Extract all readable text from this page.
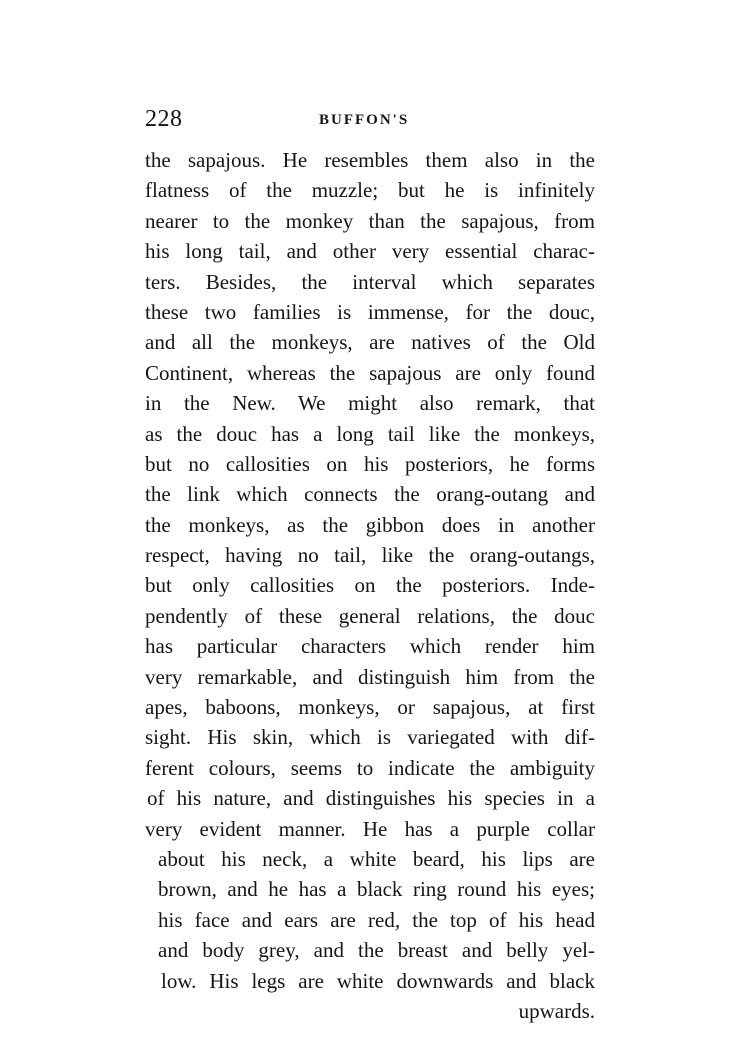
228	BUFFON'S
the sapajous. He resembles them also in the
flatness of the muzzle; but he is infinitely
nearer to the monkey than the sapajous, from
his long tail, and other very essential charac-
ters. Besides, the interval which separates
these two families is immense, for the douc,
and all the monkeys, are natives of the Old
Continent, whereas the sapajous are only found
in the New. We might also remark, that
as the douc has a long tail like the monkeys,
but no callosities on his posteriors, he forms
the link which connects the orang-outang and
the monkeys, as the gibbon does in another
respect, having no tail, like the orang-outangs,
but only callosities on the posteriors. Inde-
pendently of these general relations, the douc
has particular characters which render him
very remarkable, and distinguish him from the
apes, baboons, monkeys, or sapajous, at first
sight. His skin, which is variegated with dif-
ferent colours, seems to indicate the ambiguity
of his nature, and distinguishes his species in a
very evident manner. He has a purple collar
about his neck, a white beard, his lips are
brown, and he has a black ring round his eyes;
his face and ears are red, the top of his head
and body grey, and the breast and belly yel-
low. His legs are white downwards and black
upwards.
